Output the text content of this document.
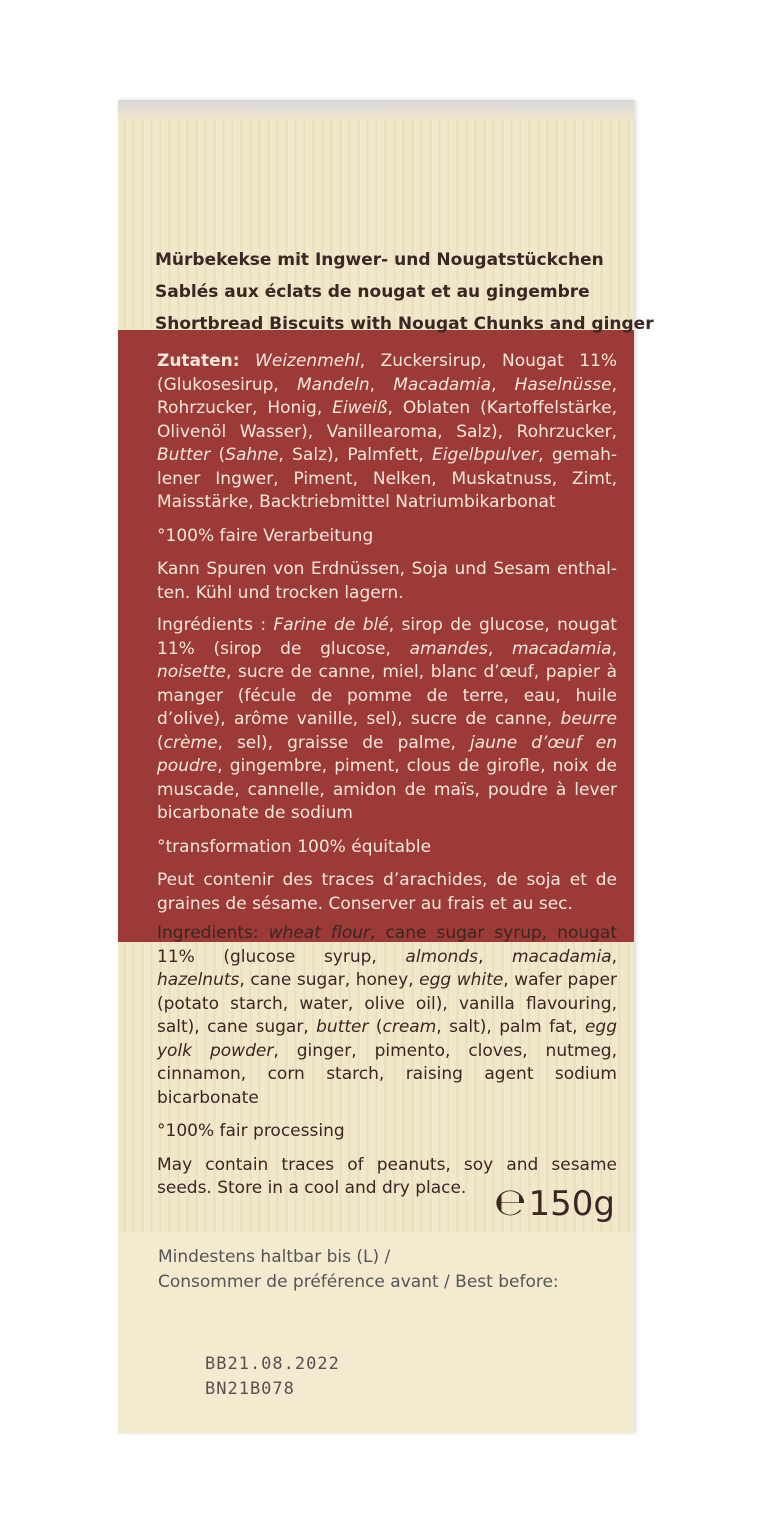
Mürbekekse mit Ingwer- und Nougatstückchen
Sablés aux éclats de nougat et au gingembre
Shortbread Biscuits with Nougat Chunks and ginger

Zutaten: Weizenmehl, Zuckersirup, Nougat 11% (Glukosesirup, Mandeln, Macadamia, Haselnüsse, Rohrzucker, Honig, Eiweiß, Oblaten (Kartoffelstärke, Olivenöl Wasser), Vanillearoma, Salz), Rohrzucker, Butter (Sahne, Salz), Palmfett, Eigelbpulver, gemahlener Ingwer, Piment, Nelken, Muskatnuss, Zimt, Maisstärke, Backtriebmittel Natriumbikarbonat

°100% faire Verarbeitung

Kann Spuren von Erdnüssen, Soja und Sesam enthalten. Kühl und trocken lagern.

Ingrédients : Farine de blé, sirop de glucose, nougat 11% (sirop de glucose, amandes, macadamia, noisette, sucre de canne, miel, blanc d’œuf, papier à manger (fécule de pomme de terre, eau, huile d’olive), arôme vanille, sel), sucre de canne, beurre (crème, sel), graisse de palme, jaune d’œuf en poudre, gingembre, piment, clous de girofle, noix de muscade, cannelle, amidon de maïs, poudre à lever bicarbonate de sodium

°transformation 100% équitable

Peut contenir des traces d’arachides, de soja et de graines de sésame. Conserver au frais et au sec.

Ingredients: wheat flour, cane sugar syrup, nougat 11% (glucose syrup, almonds, macadamia, hazelnuts, cane sugar, honey, egg white, wafer paper (potato starch, water, olive oil), vanilla flavouring, salt), cane sugar, butter (cream, salt), palm fat, egg yolk powder, ginger, pimento, cloves, nutmeg, cinnamon, corn starch, raising agent sodium bicarbonate

°100% fair processing

May contain traces of peanuts, soy and sesame seeds. Store in a cool and dry place. ℮150g
Mindestens haltbar bis (L) /
Consommer de préférence avant / Best before:
BB21.08.2022
BN21B078
